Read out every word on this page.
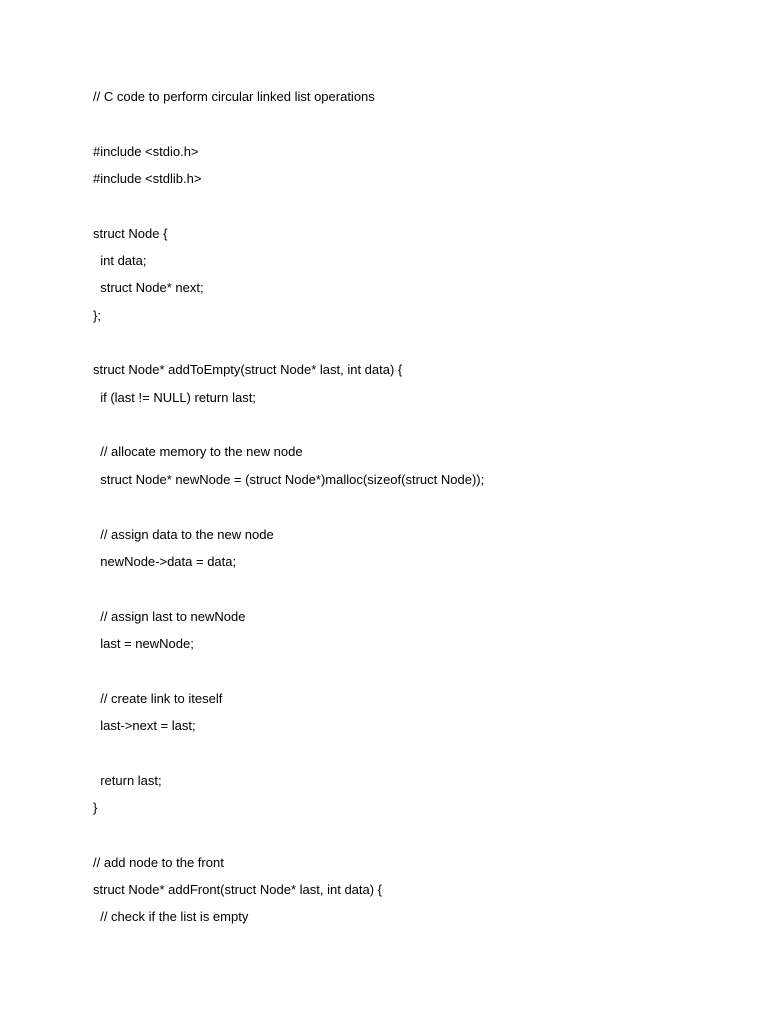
// C code to perform circular linked list operations
#include <stdio.h>
#include <stdlib.h>
struct Node {
int data;
struct Node* next;
};
struct Node* addToEmpty(struct Node* last, int data) {
if (last != NULL) return last;
// allocate memory to the new node
struct Node* newNode = (struct Node*)malloc(sizeof(struct Node));
// assign data to the new node
newNode->data = data;
// assign last to newNode
last = newNode;
// create link to iteself
last->next = last;
return last;
}
// add node to the front
struct Node* addFront(struct Node* last, int data) {
// check if the list is empty
